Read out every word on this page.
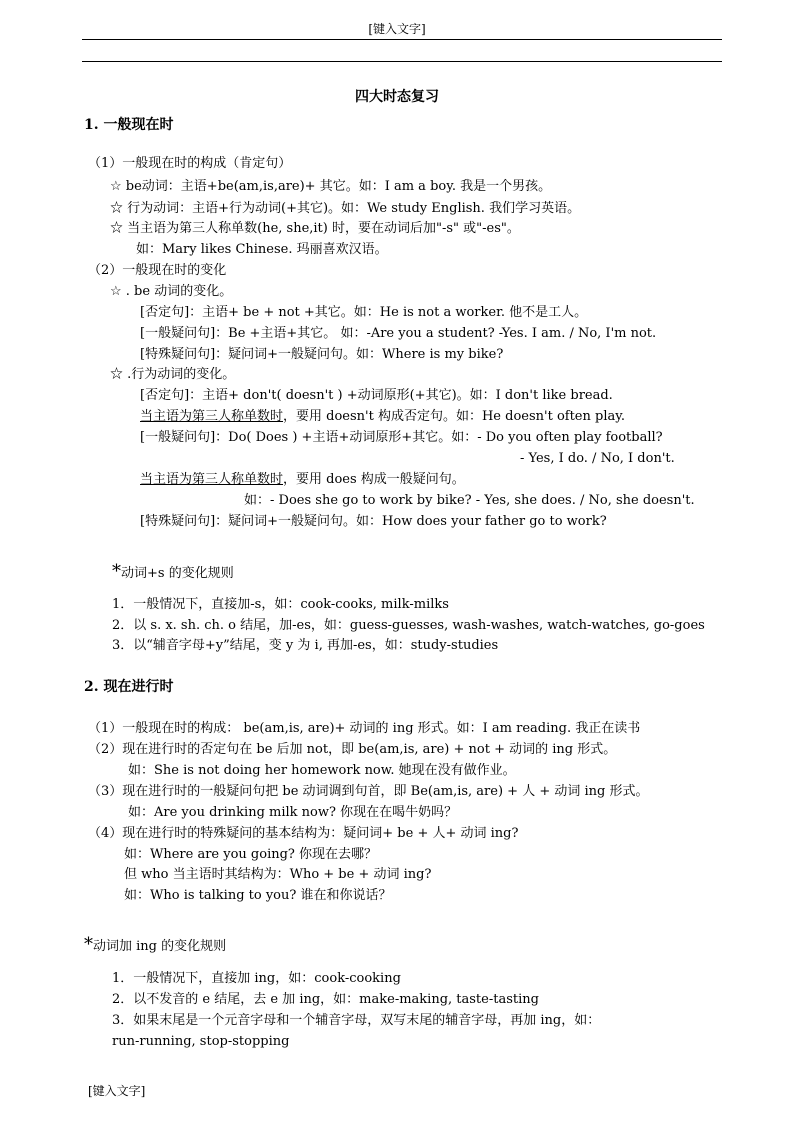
[键入文字]
四大时态复习
1. 一般现在时
（1）一般现在时的构成（肯定句）
☆ be动词：主语+be(am,is,are)+ 其它。如：I am a boy. 我是一个男孩。
☆ 行为动词：主语+行为动词(+其它)。如：We study English. 我们学习英语。
☆ 当主语为第三人称单数(he, she,it) 时，要在动词后加"-s" 或"-es"。
如：Mary likes Chinese. 玛丽喜欢汉语。
（2）一般现在时的变化
☆ . be 动词的变化。
[否定句]：主语+ be + not +其它。如：He is not a worker. 他不是工人。
[一般疑问句]：Be +主语+其它。 如：-Are you a student? -Yes. I am. / No, I'm not.
[特殊疑问句]：疑问词+一般疑问句。如：Where is my bike?
☆ .行为动词的变化。
[否定句]：主语+ don't( doesn't ) +动词原形(+其它)。如：I don't like bread.
当主语为第三人称单数时，要用 doesn't 构成否定句。如：He doesn't often play.
[一般疑问句]：Do( Does ) +主语+动词原形+其它。如：- Do you often play football?
- Yes, I do. / No, I don't.
当主语为第三人称单数时，要用 does 构成一般疑问句。
如：- Does she go to work by bike? - Yes, she does. / No, she doesn't.
[特殊疑问句]：疑问词+一般疑问句。如：How does your father go to work?
*动词+s 的变化规则
1．一般情况下，直接加-s，如：cook-cooks, milk-milks
2．以 s. x. sh. ch. o 结尾，加-es，如：guess-guesses, wash-washes, watch-watches, go-goes
3．以“辅音字母+y”结尾，变 y 为 i, 再加-es，如：study-studies
2. 现在进行时
（1）一般现在时的构成： be(am,is, are)+ 动词的 ing 形式。如：I am reading. 我正在读书
（2）现在进行时的否定句在 be 后加 not，即 be(am,is, are) + not + 动词的 ing 形式。
如：She is not doing her homework now. 她现在没有做作业。
（3）现在进行时的一般疑问句把 be 动词调到句首，即 Be(am,is, are) + 人 + 动词 ing 形式。
如：Are you drinking milk now? 你现在在喝牛奶吗？
（4）现在进行时的特殊疑问的基本结构为：疑问词+ be + 人+ 动词 ing?
如：Where are you going? 你现在去哪？
但 who 当主语时其结构为：Who + be + 动词 ing?
如：Who is talking to you? 谁在和你说话？
*动词加 ing 的变化规则
1．一般情况下，直接加 ing，如：cook-cooking
2．以不发音的 e 结尾，去 e 加 ing，如：make-making, taste-tasting
3．如果末尾是一个元音字母和一个辅音字母，双写末尾的辅音字母，再加 ing，如：
run-running, stop-stopping
[键入文字]
